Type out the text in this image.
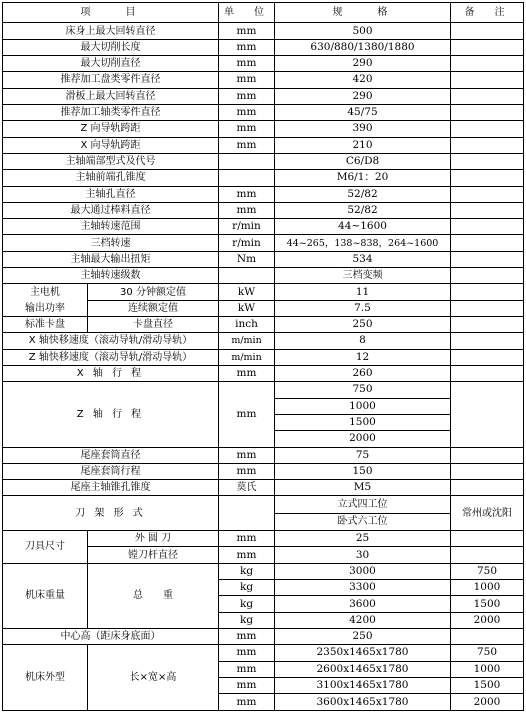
项　　目		单　位	规　　格	备　注
床身上最大回转直径		mm	500	
最大切削长度		mm	630/880/1380/1880	
最大切削直径		mm	290	
推荐加工盘类零件直径		mm	420	
滑板上最大回转直径		mm	290	
推荐加工轴类零件直径		mm	45/75	
Z 向导轨跨距		mm	390	
X 向导轨跨距		mm	210	
主轴端部型式及代号			C6/D8	
主轴前端孔锥度			M6/1：20	
主轴孔直径		mm	52/82	
最大通过棒料直径		mm	52/82	
主轴转速范围		r/min	44~1600	
三档转速		r/min	44~265，138~838，264~1600	
主轴最大输出扭矩		Nm	534	
主轴转速级数			三档变频	

主电机
输出功率	30 分钟额定值	kW	11	
	连续额定值	kW	7.5	
标准卡盘	卡盘直径	inch	250	
X 轴快移速度（滚动导轨/滑动导轨）		m/min	8	
Z 轴快移速度（滚动导轨/滑动导轨）		m/min	12	
X 轴 行 程		mm	260	
Z 轴 行 程		mm	750	
			1000	
			1500	
			2000	
尾座套筒直径		mm	75	
尾座套筒行程		mm	150	
尾座主轴锥孔锥度		莫氏	M5	
刀 架 形 式			立式四工位	常州或沈阳
			卧式六工位	
刀具尺寸	外 圆 刀	mm	25	
	镗刀杆直径	mm	30	
机床重量	总　　重	kg	3000	750
		kg	3300	1000
		kg	3600	1500
		kg	4200	2000
中心高（距床身底面）		mm	250	
机床外型	长×宽×高	mm	2350x1465x1780	750
		mm	2600x1465x1780	1000
		mm	3100x1465x1780	1500
		mm	3600x1465x1780	2000
